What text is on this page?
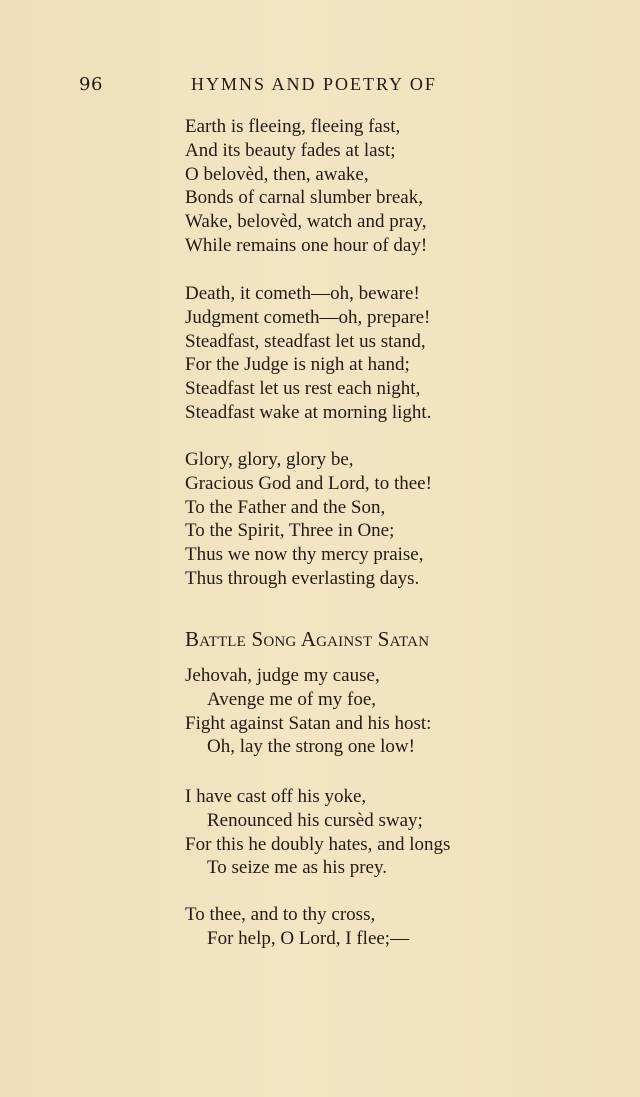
96	HYMNS AND POETRY OF
Earth is fleeing, fleeing fast,
And its beauty fades at last;
O belovèd, then, awake,
Bonds of carnal slumber break,
Wake, belovèd, watch and pray,
While remains one hour of day!
Death, it cometh—oh, beware!
Judgment cometh—oh, prepare!
Steadfast, steadfast let us stand,
For the Judge is nigh at hand;
Steadfast let us rest each night,
Steadfast wake at morning light.
Glory, glory, glory be,
Gracious God and Lord, to thee!
To the Father and the Son,
To the Spirit, Three in One;
Thus we now thy mercy praise,
Thus through everlasting days.
Battle Song Against Satan
Jehovah, judge my cause,
Avenge me of my foe,
Fight against Satan and his host:
Oh, lay the strong one low!
I have cast off his yoke,
Renounced his cursèd sway;
For this he doubly hates, and longs
To seize me as his prey.
To thee, and to thy cross,
For help, O Lord, I flee;—
